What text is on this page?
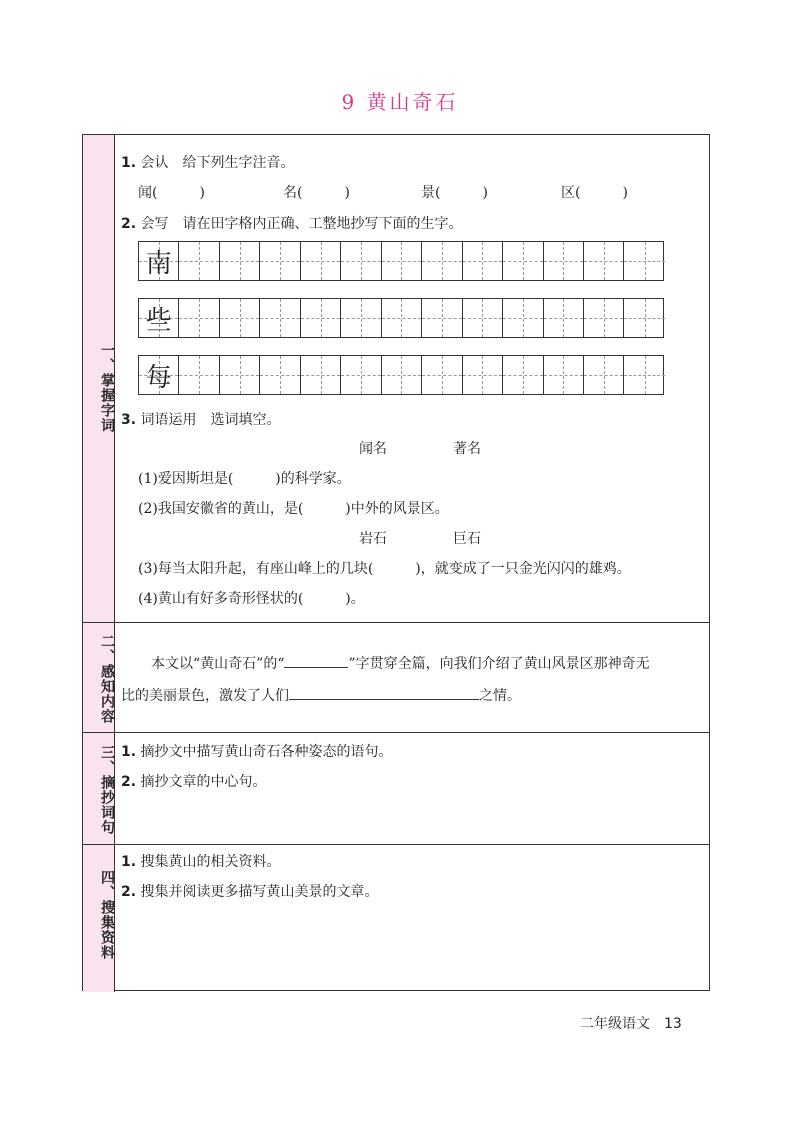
9 黄山奇石
一、掌握字词
1. 会认　给下列生字注音。
闻(　　　)	名(　　　)	景(　　　)	区(　　　)
2. 会写　请在田字格内正确、工整地抄写下面的生字。
南
些
每
3. 词语运用　选词填空。
闻名	著名
(1)爱因斯坦是(　　　)的科学家。
(2)我国安徽省的黄山，是(　　　)中外的风景区。
岩石	巨石
(3)每当太阳升起，有座山峰上的几块(　　　)，就变成了一只金光闪闪的雄鸡。
(4)黄山有好多奇形怪状的(　　　)。
二、感知内容	本文以“黄山奇石”的“	”字贯穿全篇，向我们介绍了黄山风景区那神奇无
比的美丽景色，激发了人们	之情。
三、摘抄词句 1. 摘抄文中描写黄山奇石各种姿态的语句。
2. 摘抄文章的中心句。
四、搜集资料
1. 搜集黄山的相关资料。
2. 搜集并阅读更多描写黄山美景的文章。
二年级语文 13
